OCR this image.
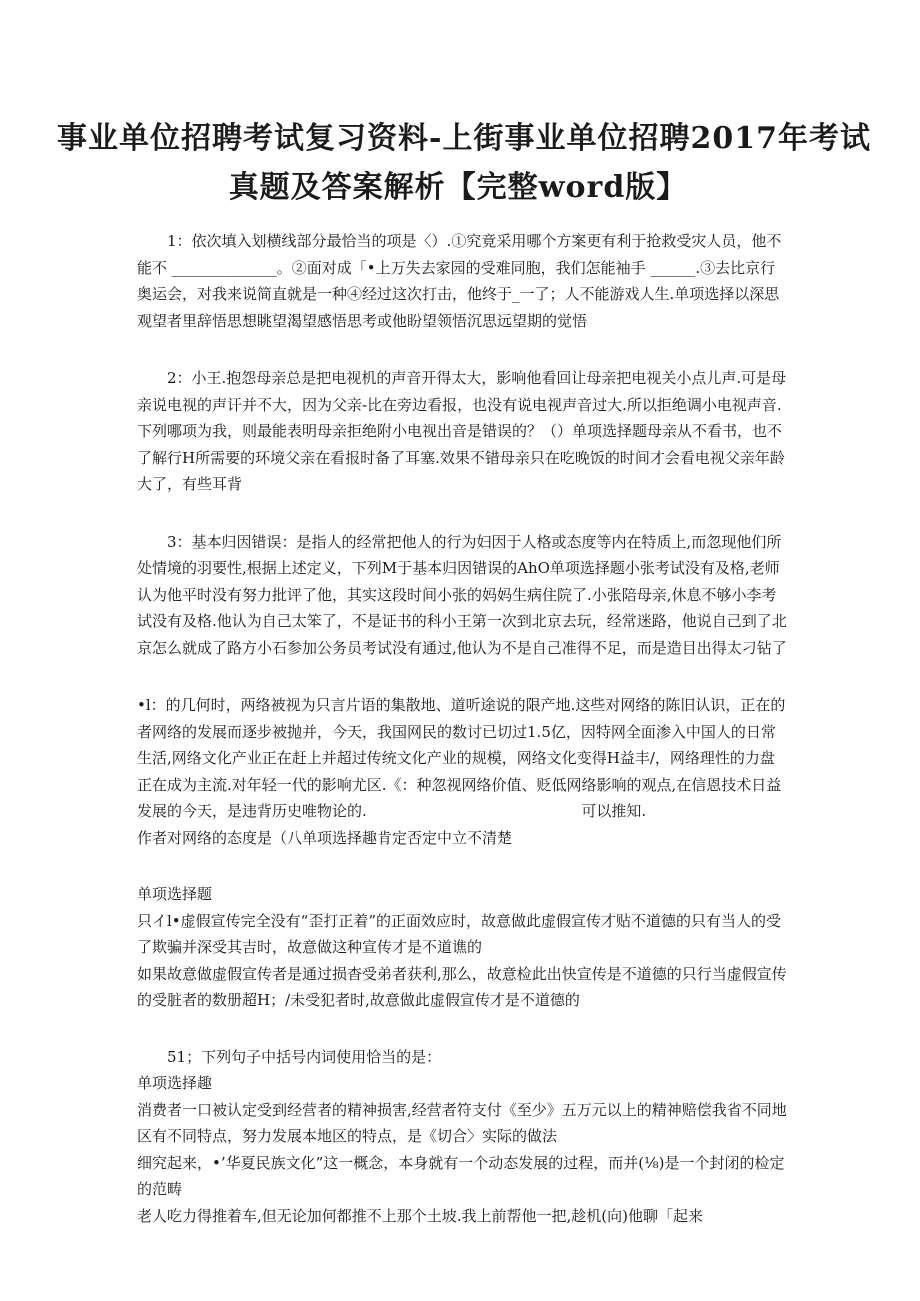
事业单位招聘考试复习资料-上街事业单位招聘2017年考试
真题及答案解析【完整word版】

1：依次填入划横线部分最恰当的项是〈）.①究竟采用哪个方案更有利于抢救受灾人员，他不能不 ______________。②面对成「•上万失去家园的受难同胞，我们怎能袖手 ______.③去比京行奥运会，对我来说简直就是一种④经过这次打击，他终于_一了；人不能游戏人生.单项选择以深思观望者里辞悟思想眺望渴望感悟思考或他盼望领悟沉思远望期的觉悟

2：小王.抱怨母亲总是把电视机的声音开得太大，影响他看回让母亲把电视关小点儿声.可是母亲说电视的声讦并不大，因为父亲-比在旁边看报，也没有说电视声音过大.所以拒绝调小电视声音.下列哪项为我，则最能表明母亲拒绝附小电视出音是错误的？（）单项选择题母亲从不看书，也不了解行H所需要的环境父亲在看报时备了耳塞.效果不错母亲只在吃晚饭的时间才会看电视父亲年龄大了，有些耳背

3：基本归因错误：是指人的经常把他人的行为妇因于人格或态度等内在特质上,而忽现他们所处情境的羽要性,根据上述定义，下列M于基本归因错误的AhO单项选择题小张考试没有及格,老师认为他平时没有努力批评了他，其实这段时间小张的妈妈生病住院了.小张陪母亲,休息不够小李考试没有及格.他认为自己太笨了，不是证书的科小王第一次到北京去玩，经常迷路，他说自己到了北京怎么就成了路方小石参加公务员考试没有通过,他认为不是自己准得不足，而是造目出得太刁钻了

•l：的几何时，两络被视为只言片语的集散地、道听途说的限产地.这些对网络的陈旧认识，正在的者网络的发展而逐步被抛并，今天，我国网民的数讨已切过1.5亿，因特网全面渗入中国人的日常生活,网络文化产业正在赶上并超过传统文化产业的规模，网络文化变得H益丰/，网络理性的力盘正在成为主流.对年轻一代的影响尤区.《：种忽视网络价值、贬低网络影响的观点,在信恩技术日益发展的今天，是违背历史唯物论的.	可以推知.

作者对网络的态度是（八单项选择趣肯定否定中立不清楚

单项选择题

只イl•虚假宣传完全没有“歪打正着”的正面效应时，故意做此虚假宣传才贴不道德的只有当人的受了欺骗并深受其吉时，故意做这种宣传才是不道谯的

如果故意做虚假宣传者是通过损杳受弟者获利,那么，故意检此出快宣传是不道德的只行当虚假宣传的受脏者的数册超H；/未受犯者时,故意做此虚假宣传才是不道德的

51；下列句子中括号内词使用恰当的是：

单项选择趣

消费者一口被认定受到经营者的精神损害,经营者符支付《至少》五万元以上的精神赔偿我省不同地区有不同特点，努力发展本地区的特点，是《切合〉实际的做法

细究起来，•’华夏民族文化”这一概念，本身就有一个动态发展的过程，而并(⅛)是一个封闭的检定的范畴

老人吃力得推着车,但无论加何都推不上那个土坡.我上前帮他一把,趁机(向)他聊「起来
